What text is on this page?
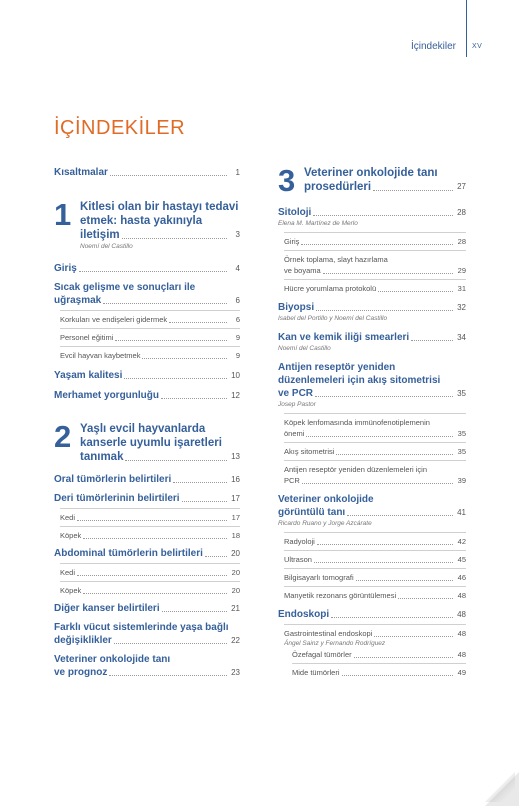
İçindekiler XV
İÇİNDEKİLER
Kısaltmalar	1
1 Kitlesi olan bir hastayı tedavi
etmek: hasta yakınıyla
iletişim	3
Noemí del Castillo
Giriş	4
Sıcak gelişme ve sonuçları ile
uğraşmak	6
Korkuları ve endişeleri gidermek	6
Personel eğitimi	9
Evcil hayvan kaybetmek	9
Yaşam kalitesi	10
Merhamet yorgunluğu	12
2 Yaşlı evcil hayvanlarda
kanserle uyumlu işaretleri
tanımak	13
Oral tümörlerin belirtileri	16
Deri tümörlerinin belirtileri	17
Kedi	17
Köpek	18
Abdominal tümörlerin belirtileri	20
Kedi	20
Köpek	20
Diğer kanser belirtileri	21
Farklı vücut sistemlerinde yaşa bağlı
değişiklikler	22
Veteriner onkolojide tanı
ve prognoz	23
3 Veteriner onkolojide tanı
prosedürleri	27
Sitoloji	28
Elena M. Martínez de Merlo
Giriş	28
Örnek toplama, slayt hazırlama
ve boyama	29
Hücre yorumlama protokolü	31
Biyopsi	32
Isabel del Portillo y Noemí del Castillo
Kan ve kemik iliği smearleri	34
Noemí del Castillo
Antijen reseptör yeniden
düzenlemeleri için akış sitometrisi
ve PCR	35
Josep Pastor
Köpek lenfomasında immünofenotiplemenin
önemi	35
Akış sitometrisi	35
Antijen reseptör yeniden düzenlemeleri için
PCR	39
Veteriner onkolojide
görüntülü tanı	41
Ricardo Ruano y Jorge Azcárate
Radyoloji	42
Ultrason	45
Bilgisayarlı tomografi	46
Manyetik rezonans görüntülemesi	48
Endoskopi	48
Gastrointestinal endoskopi	48
Ángel Sainz y Fernando Rodríguez
Özefagal tümörler	48
Mide tümörleri	49
